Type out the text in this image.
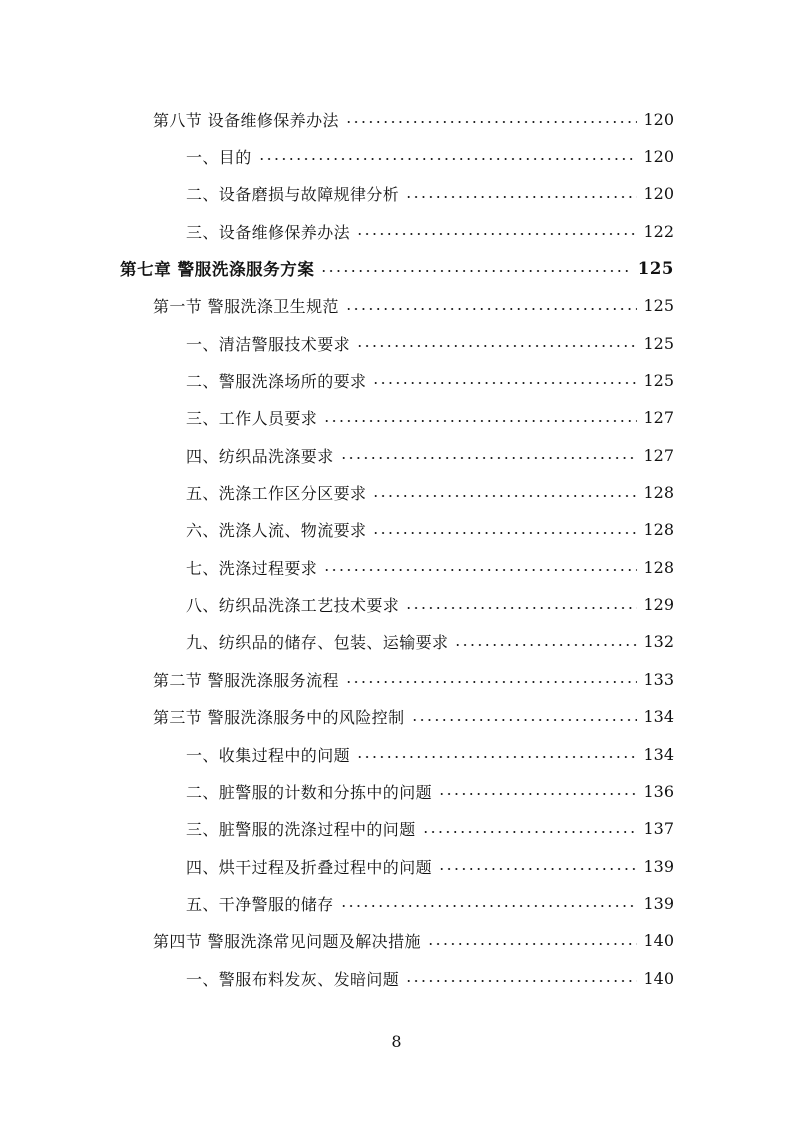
第八节 设备维修保养办法	120
一、目的	120
二、设备磨损与故障规律分析	120
三、设备维修保养办法	122
第七章 警服洗涤服务方案	125
第一节 警服洗涤卫生规范	125
一、清洁警服技术要求	125
二、警服洗涤场所的要求	125
三、工作人员要求	127
四、纺织品洗涤要求	127
五、洗涤工作区分区要求	128
六、洗涤人流、物流要求	128
七、洗涤过程要求	128
八、纺织品洗涤工艺技术要求	129
九、纺织品的储存、包装、运输要求	132
第二节 警服洗涤服务流程	133
第三节 警服洗涤服务中的风险控制	134
一、收集过程中的问题	134
二、脏警服的计数和分拣中的问题	136
三、脏警服的洗涤过程中的问题	137
四、烘干过程及折叠过程中的问题	139
五、干净警服的储存	139
第四节 警服洗涤常见问题及解决措施	140
一、警服布料发灰、发暗问题	140
8
